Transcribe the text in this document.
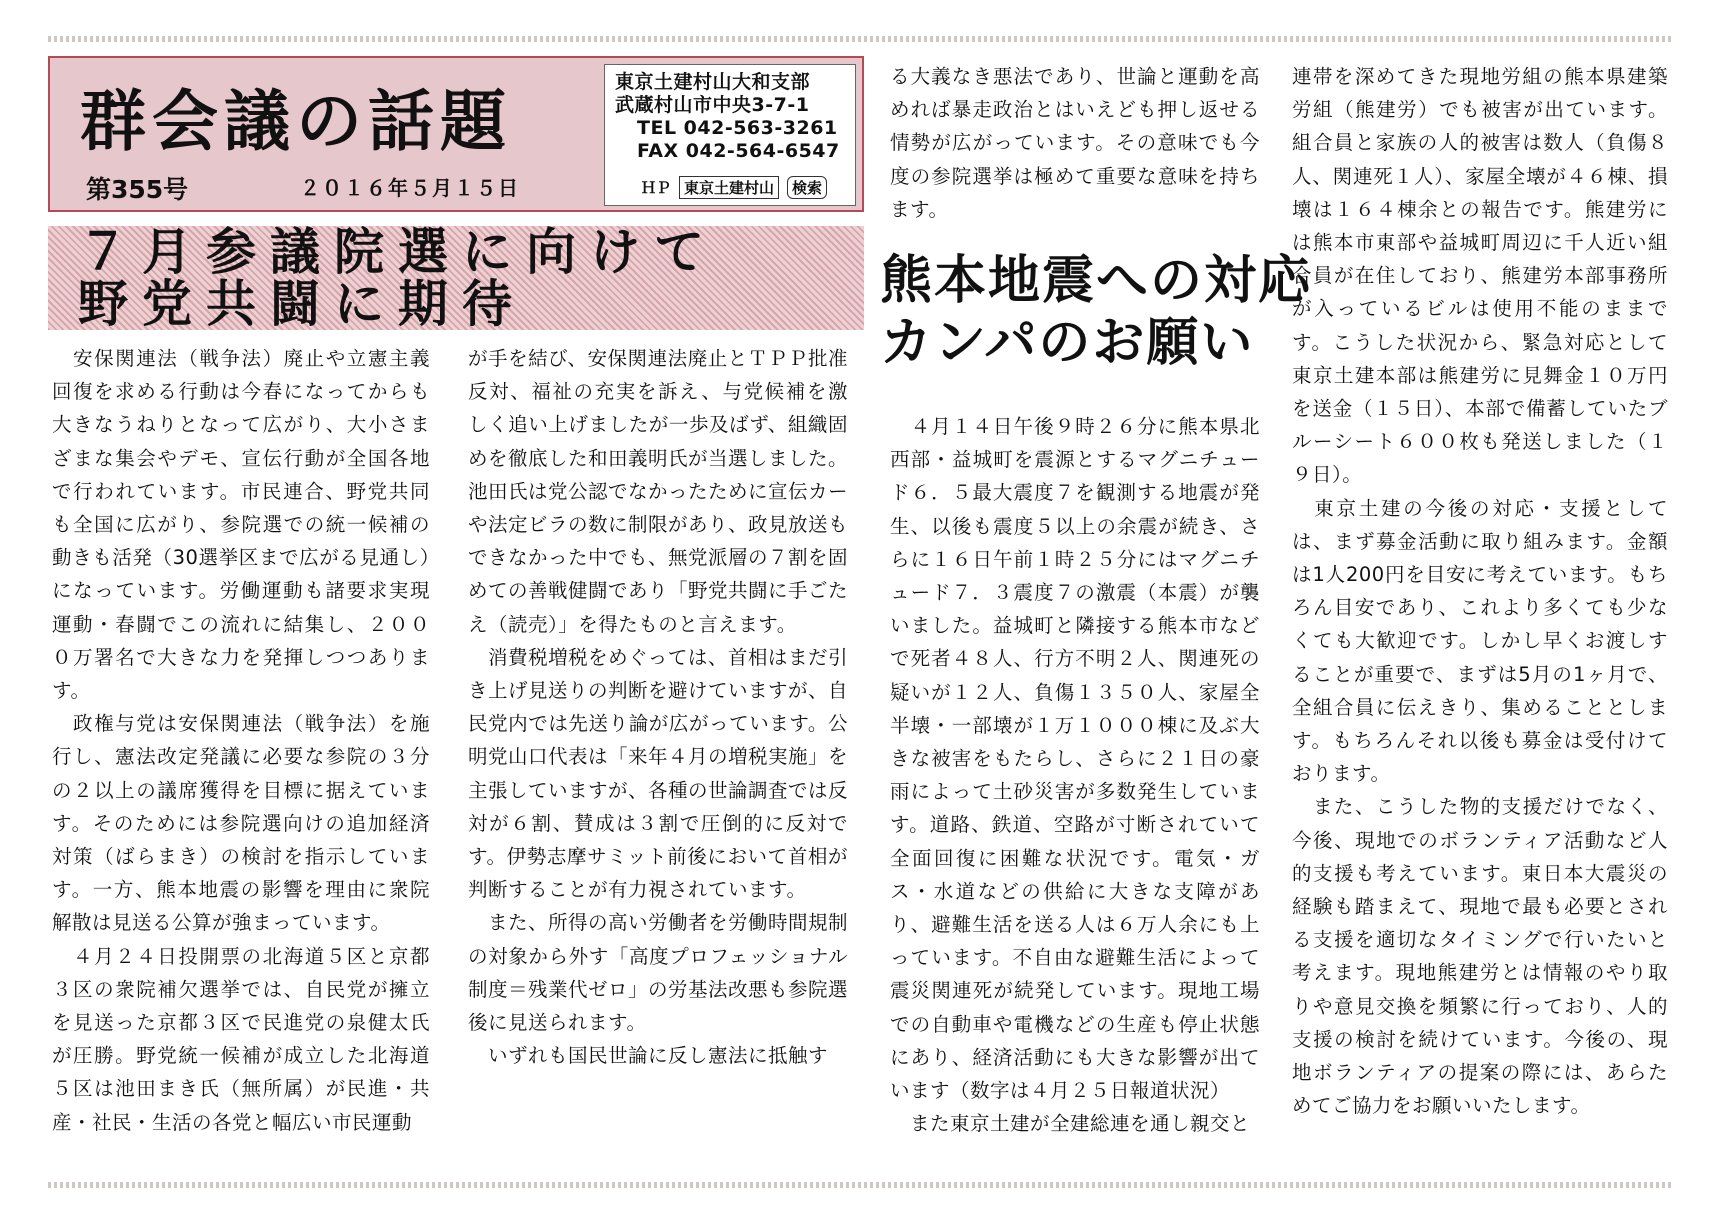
群会議の話題
第355号	２０１６年５月１５日
東京土建村山大和支部
武蔵村山市中央3-7-1
TEL 042-563-3261
FAX 042-564-6547
ＨＰ 東京土建村山	検索
７月参議院選に向けて
野党共闘に期待

　安保関連法（戦争法）廃止や立憲主義回復を求める行動は今春になってからも大きなうねりとなって広がり、大小さまざまな集会やデモ、宣伝行動が全国各地で行われています。市民連合、野党共同も全国に広がり、参院選での統一候補の動きも活発（30選挙区まで広がる見通し）になっています。労働運動も諸要求実現運動・春闘でこの流れに結集し、２０００万署名で大きな力を発揮しつつあります。

　政権与党は安保関連法（戦争法）を施行し、憲法改定発議に必要な参院の３分の２以上の議席獲得を目標に据えています。そのためには参院選向けの追加経済対策（ばらまき）の検討を指示していま す。一方、熊本地震の影響を理由に衆院解散は見送る公算が強まっています。

　４月２４日投開票の北海道５区と京都３区の衆院補欠選挙では、自民党が擁立を見送った京都３区で民進党の泉健太氏が圧勝。野党統一候補が成立した北海道５区は池田まき氏（無所属）が民進・共産・社民・生活の各党と幅広い市民運動

が手を結び、安保関連法廃止とＴＰＰ批准反対、福祉の充実を訴え、与党候補を激しく追い上げましたが一歩及ばず、組織固めを徹底した和田義明氏が当選しました。池田氏は党公認でなかったために宣伝カーや法定ビラの数に制限があり、政見放送もできなかった中でも、無党派層の７割を固めての善戦健闘であり「野党共闘に手ごたえ（読売）」を得たものと言えます。

　消費税増税をめぐっては、首相はまだ引き上げ見送りの判断を避けていますが、自民党内では先送り論が広がっています。公明党山口代表は「来年４月の増税実施」を主張していますが、各種の世論調査では反対が６割、賛成は３割で圧倒的に反対です。伊勢志摩サミット前後において首相が判断することが有力視されています。

　また、所得の高い労働者を労働時間規制の対象から外す「高度プロフェッショナル制度＝残業代ゼロ」の労基法改悪も参院選後に見送られます。

　いずれも国民世論に反し憲法に抵触す

る大義なき悪法であり、世論と運動を高めれば暴走政治とはいえども押し返せる情勢が広がっています。その意味でも今度の参院選挙は極めて重要な意味を持ちます。

熊本地震への対応
カンパのお願い

　４月１４日午後９時２６分に熊本県北西部・益城町を震源とするマグニチュード６．５最大震度７を観測する地震が発生、以後も震度５以上の余震が続き、さらに１６日午前１時２５分にはマグニチュード７．３震度７の激震（本震）が襲いました。益城町と隣接する熊本市などで死者４８人、行方不明２人、関連死の疑いが１２人、負傷１３５０人、家屋全半壊・一部壊が１万１０００棟に及ぶ大きな被害をもたらし、さらに２１日の豪雨によって土砂災害が多数発生しています。道路、鉄道、空路が寸断されていて全面回復に困難な状況です。電気・ガス・水道などの供給に大きな支障があり、避難生活を送る人は６万人余にも上っています。不自由な避難生活によって震災関連死が続発しています。現地工場での自動車や電機などの生産も停止状態にあり、経済活動にも大きな影響が出ています（数字は４月２５日報道状況）

　また東京土建が全建総連を通し親交と

連帯を深めてきた現地労組の熊本県建築労組（熊建労）でも被害が出ています。組合員と家族の人的被害は数人（負傷８人、関連死１人）、家屋全壊が４６棟、損壊は１６４棟余との報告です。熊建労には熊本市東部や益城町周辺に千人近い組合員が在住しており、熊建労本部事務所が入っているビルは使用不能のままです。こうした状況から、緊急対応として東京土建本部は熊建労に見舞金１０万円を送金（１５日）、本部で備蓄していたブルーシート６００枚も発送しました（１９日）。

　東京土建の今後の対応・支援としては、まず募金活動に取り組みます。金額は1人200円を目安に考えています。もちろん目安であり、これより多くても少なくても大歓迎です。しかし早くお渡しすることが重要で、まずは5月の1ヶ月で、全組合員に伝えきり、集めることとします。もちろんそれ以後も募金は受付けております。

　また、こうした物的支援だけでなく、今後、現地でのボランティア活動など人的支援も考えています。東日本大震災の経験も踏まえて、現地で最も必要とされる支援を適切なタイミングで行いたいと考えます。現地熊建労とは情報のやり取りや意見交換を頻繁に行っており、人的支援の検討を続けています。今後の、現地ボランティアの提案の際には、あらためてご協力をお願いいたします。
